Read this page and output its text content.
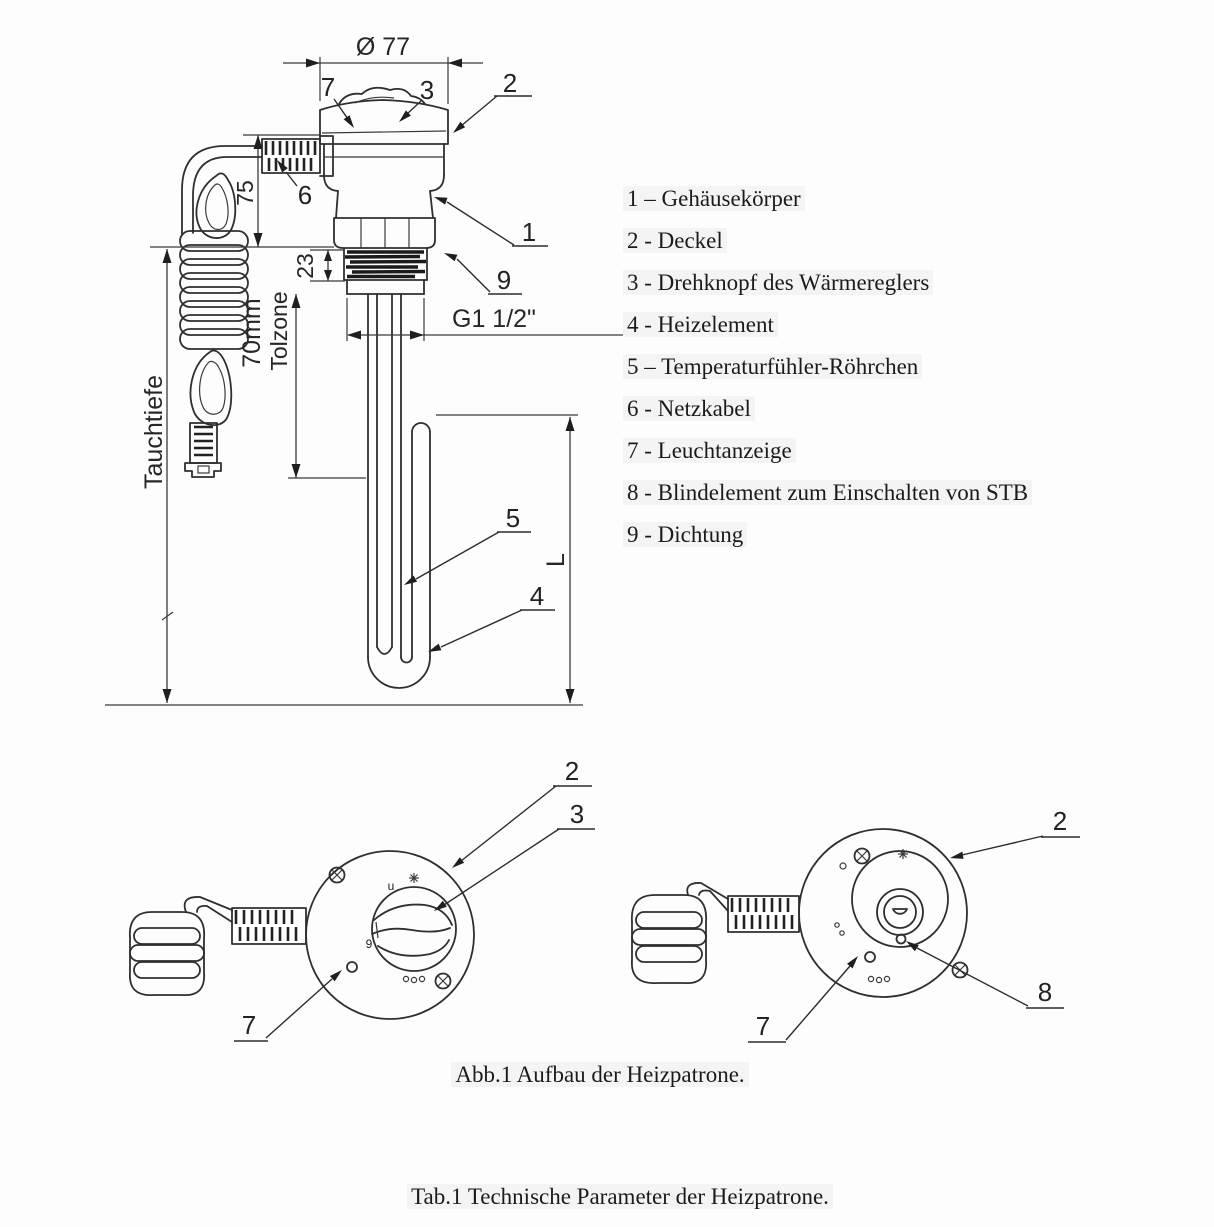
Ø 77
75
23
70mm Tolzone
Tauchtiefe
G1 1/2"
L
7	3	2
6
1
9
5
4
u
9
2
3
7
2
8
7
1 – Gehäusekörper
2 - Deckel
3 - Drehknopf des Wärmereglers
4 - Heizelement
5 – Temperaturfühler-Röhrchen
6 - Netzkabel
7 - Leuchtanzeige
8 - Blindelement zum Einschalten von STB
9 - Dichtung
Abb.1 Aufbau der Heizpatrone.
Tab.1 Technische Parameter der Heizpatrone.
